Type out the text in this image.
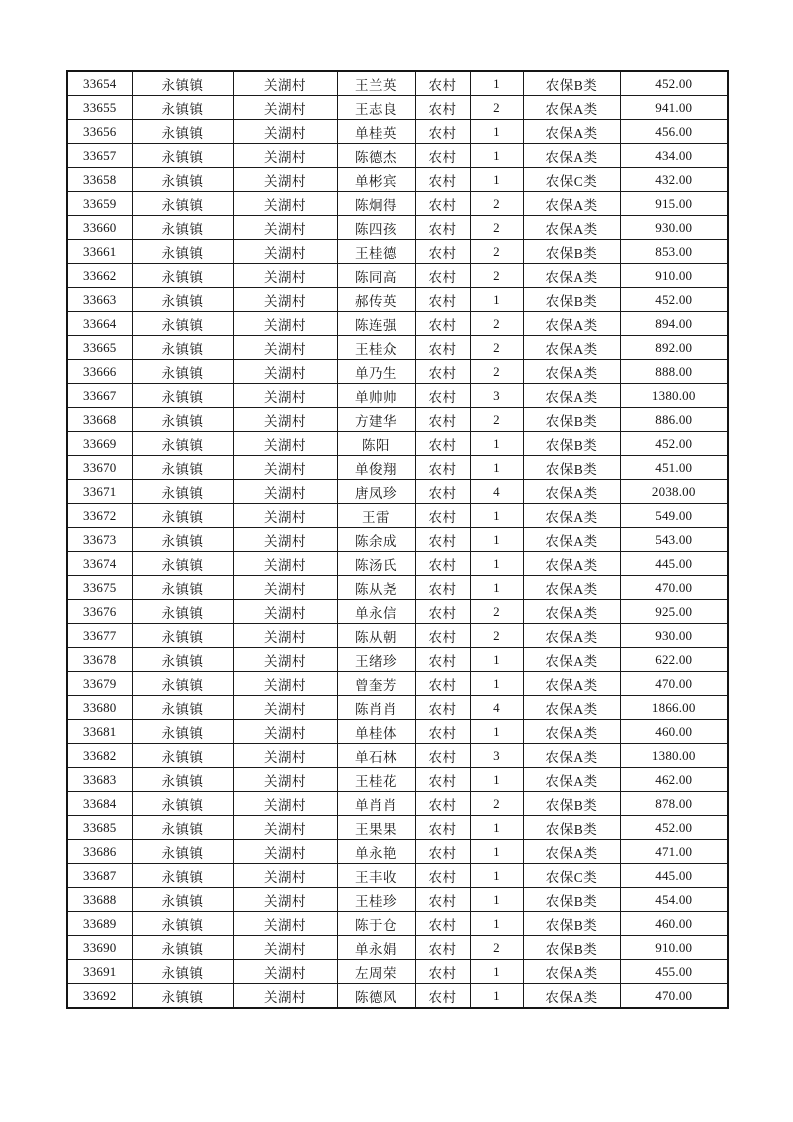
33654	永镇镇	关湖村	王兰英	农村	1	农保B类	452.00
33655	永镇镇	关湖村	王志良	农村	2	农保A类	941.00
33656	永镇镇	关湖村	单桂英	农村	1	农保A类	456.00
33657	永镇镇	关湖村	陈德杰	农村	1	农保A类	434.00
33658	永镇镇	关湖村	单彬宾	农村	1	农保C类	432.00
33659	永镇镇	关湖村	陈炯得	农村	2	农保A类	915.00
33660	永镇镇	关湖村	陈四孩	农村	2	农保A类	930.00
33661	永镇镇	关湖村	王桂德	农村	2	农保B类	853.00
33662	永镇镇	关湖村	陈同高	农村	2	农保A类	910.00
33663	永镇镇	关湖村	郝传英	农村	1	农保B类	452.00
33664	永镇镇	关湖村	陈连强	农村	2	农保A类	894.00
33665	永镇镇	关湖村	王桂众	农村	2	农保A类	892.00
33666	永镇镇	关湖村	单乃生	农村	2	农保A类	888.00
33667	永镇镇	关湖村	单帅帅	农村	3	农保A类	1380.00
33668	永镇镇	关湖村	方建华	农村	2	农保B类	886.00
33669	永镇镇	关湖村	陈阳	农村	1	农保B类	452.00
33670	永镇镇	关湖村	单俊翔	农村	1	农保B类	451.00
33671	永镇镇	关湖村	唐凤珍	农村	4	农保A类	2038.00
33672	永镇镇	关湖村	王雷	农村	1	农保A类	549.00
33673	永镇镇	关湖村	陈余成	农村	1	农保A类	543.00
33674	永镇镇	关湖村	陈汤氏	农村	1	农保A类	445.00
33675	永镇镇	关湖村	陈从尧	农村	1	农保A类	470.00
33676	永镇镇	关湖村	单永信	农村	2	农保A类	925.00
33677	永镇镇	关湖村	陈从朝	农村	2	农保A类	930.00
33678	永镇镇	关湖村	王绪珍	农村	1	农保A类	622.00
33679	永镇镇	关湖村	曾奎芳	农村	1	农保A类	470.00
33680	永镇镇	关湖村	陈肖肖	农村	4	农保A类	1866.00
33681	永镇镇	关湖村	单桂体	农村	1	农保A类	460.00
33682	永镇镇	关湖村	单石林	农村	3	农保A类	1380.00
33683	永镇镇	关湖村	王桂花	农村	1	农保A类	462.00
33684	永镇镇	关湖村	单肖肖	农村	2	农保B类	878.00
33685	永镇镇	关湖村	王果果	农村	1	农保B类	452.00
33686	永镇镇	关湖村	单永艳	农村	1	农保A类	471.00
33687	永镇镇	关湖村	王丰收	农村	1	农保C类	445.00
33688	永镇镇	关湖村	王桂珍	农村	1	农保B类	454.00
33689	永镇镇	关湖村	陈于仓	农村	1	农保B类	460.00
33690	永镇镇	关湖村	单永娟	农村	2	农保B类	910.00
33691	永镇镇	关湖村	左周荣	农村	1	农保A类	455.00
33692	永镇镇	关湖村	陈德风	农村	1	农保A类	470.00
